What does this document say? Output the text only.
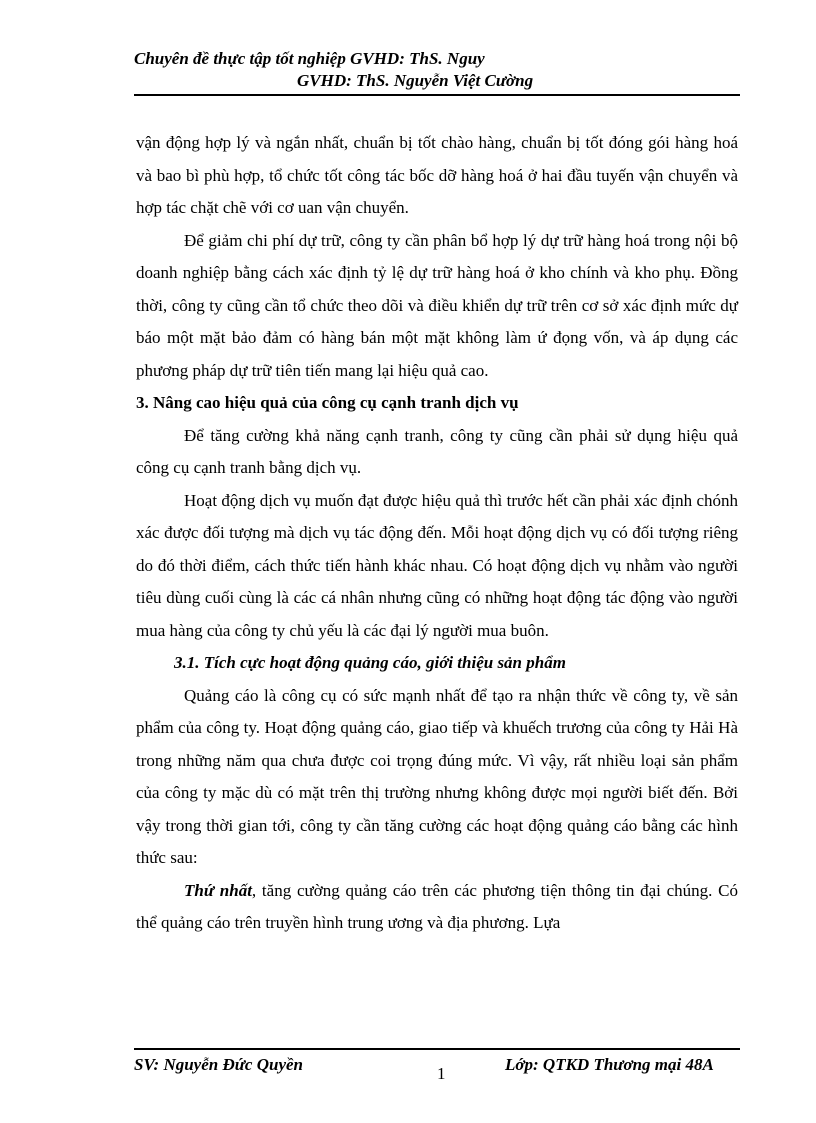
Chuyên đề thực tập tốt nghiệp GVHD: ThS. Nguy
GVHD: ThS. Nguyễn Việt Cường

vận động hợp lý và ngắn nhất, chuẩn bị tốt chào hàng, chuẩn bị tốt đóng gói hàng hoá và bao bì phù hợp, tổ chức tốt công tác bốc dỡ hàng hoá ở hai đầu tuyến vận chuyển và hợp tác chặt chẽ với cơ uan vận chuyển.

Để giảm chi phí dự trữ, công ty cần phân bổ hợp lý dự trữ hàng hoá trong nội bộ doanh nghiệp bằng cách xác định tỷ lệ dự trữ hàng hoá ở kho chính và kho phụ. Đồng thời, công ty cũng cần tổ chức theo dõi và điều khiển dự trữ trên cơ sở xác định mức dự báo một mặt bảo đảm có hàng bán một mặt không làm ứ đọng vốn, và áp dụng các phương pháp dự trữ tiên tiến mang lại hiệu quả cao.

3. Nâng cao hiệu quả của công cụ cạnh tranh dịch vụ

Để tăng cường khả năng cạnh tranh, công ty cũng cần phải sử dụng hiệu quả công cụ cạnh tranh bằng dịch vụ.

Hoạt động dịch vụ muốn đạt được hiệu quả thì trước hết cần phải xác định chónh xác được đối tượng mà dịch vụ tác động đến. Mỗi hoạt động dịch vụ có đối tượng riêng do đó thời điểm, cách thức tiến hành khác nhau. Có hoạt động dịch vụ nhằm vào người tiêu dùng cuối cùng là các cá nhân nhưng cũng có những hoạt động tác động vào người mua hàng của công ty chủ yếu là các đại lý người mua buôn.

3.1. Tích cực hoạt động quảng cáo, giới thiệu sản phẩm

Quảng cáo là công cụ có sức mạnh nhất để tạo ra nhận thức về công ty, về sản phẩm của công ty. Hoạt động quảng cáo, giao tiếp và khuếch trương của công ty Hải Hà trong những năm qua chưa được coi trọng đúng mức. Vì vậy, rất nhiều loại sản phẩm của công ty mặc dù có mặt trên thị trường nhưng không được mọi người biết đến. Bởi vậy trong thời gian tới, công ty cần tăng cường các hoạt động quảng cáo bằng các hình thức sau:

Thứ nhất, tăng cường quảng cáo trên các phương tiện thông tin đại chúng. Có thể quảng cáo trên truyền hình trung ương và địa phương. Lựa

SV: Nguyễn Đức Quyền	1	Lớp: QTKD Thương mại 48A
